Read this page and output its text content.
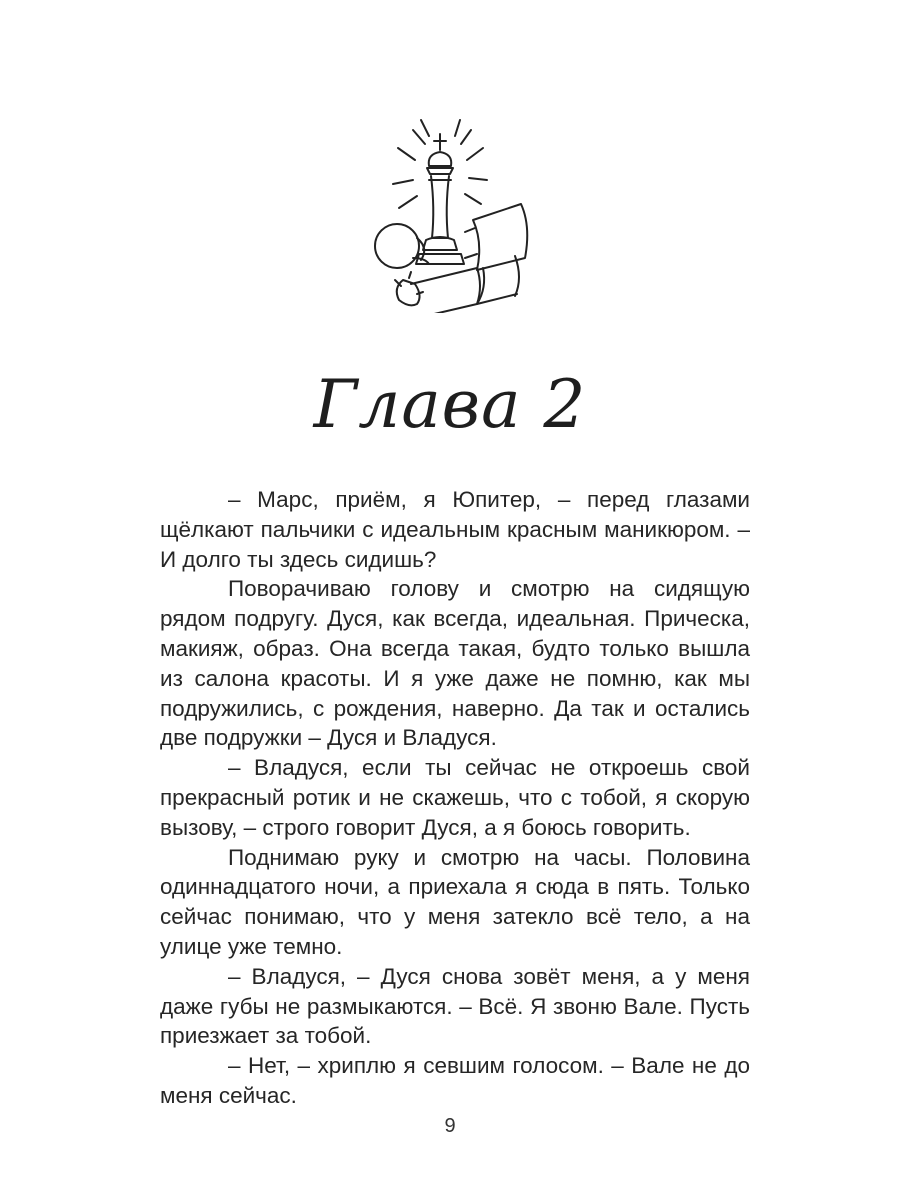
Глава 2

– Марс, приём, я Юпитер, – перед глазами щёлкают пальчики с идеальным красным маникюром. – И долго ты здесь сидишь?

Поворачиваю голову и смотрю на сидящую рядом подругу. Дуся, как всегда, идеальная. Прическа, макияж, образ. Она всегда такая, будто только вышла из салона красоты. И я уже даже не помню, как мы подружились, с рождения, наверно. Да так и остались две подружки – Дуся и Владуся.

– Владуся, если ты сейчас не откроешь свой прекрасный ротик и не скажешь, что с тобой, я скорую вызову, – строго говорит Дуся, а я боюсь говорить.

Поднимаю руку и смотрю на часы. Половина одиннадцатого ночи, а приехала я сюда в пять. Только сейчас понимаю, что у меня затекло всё тело, а на улице уже темно.

– Владуся, – Дуся снова зовёт меня, а у меня даже губы не размыкаются. – Всё. Я звоню Вале. Пусть приезжает за тобой.

– Нет, – хриплю я севшим голосом. – Вале не до меня сейчас.

9
